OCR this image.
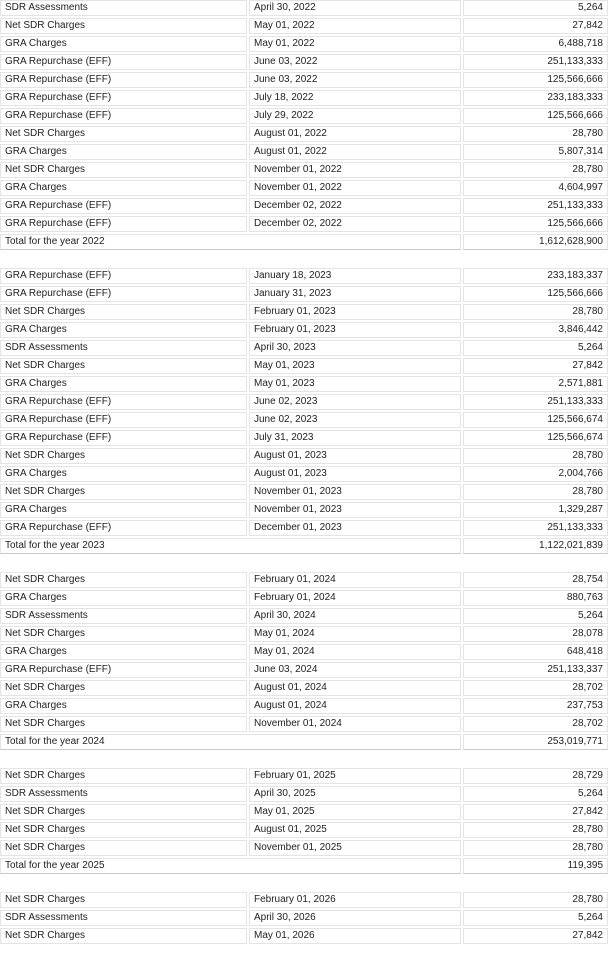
SDR Assessments	April 30, 2022	5,264
Net SDR Charges	May 01, 2022	27,842
GRA Charges	May 01, 2022	6,488,718
GRA Repurchase (EFF)	June 03, 2022	251,133,333
GRA Repurchase (EFF)	June 03, 2022	125,566,666
GRA Repurchase (EFF)	July 18, 2022	233,183,333
GRA Repurchase (EFF)	July 29, 2022	125,566,666
Net SDR Charges	August 01, 2022	28,780
GRA Charges	August 01, 2022	5,807,314
Net SDR Charges	November 01, 2022	28,780
GRA Charges	November 01, 2022	4,604,997
GRA Repurchase (EFF)	December 02, 2022	251,133,333
GRA Repurchase (EFF)	December 02, 2022	125,566,666
Total for the year 2022		1,612,628,900

GRA Repurchase (EFF)	January 18, 2023	233,183,337
GRA Repurchase (EFF)	January 31, 2023	125,566,666
Net SDR Charges	February 01, 2023	28,780
GRA Charges	February 01, 2023	3,846,442
SDR Assessments	April 30, 2023	5,264
Net SDR Charges	May 01, 2023	27,842
GRA Charges	May 01, 2023	2,571,881
GRA Repurchase (EFF)	June 02, 2023	251,133,333
GRA Repurchase (EFF)	June 02, 2023	125,566,674
GRA Repurchase (EFF)	July 31, 2023	125,566,674
Net SDR Charges	August 01, 2023	28,780
GRA Charges	August 01, 2023	2,004,766
Net SDR Charges	November 01, 2023	28,780
GRA Charges	November 01, 2023	1,329,287
GRA Repurchase (EFF)	December 01, 2023	251,133,333
Total for the year 2023		1,122,021,839

Net SDR Charges	February 01, 2024	28,754
GRA Charges	February 01, 2024	880,763
SDR Assessments	April 30, 2024	5,264
Net SDR Charges	May 01, 2024	28,078
GRA Charges	May 01, 2024	648,418
GRA Repurchase (EFF)	June 03, 2024	251,133,337
Net SDR Charges	August 01, 2024	28,702
GRA Charges	August 01, 2024	237,753
Net SDR Charges	November 01, 2024	28,702
Total for the year 2024		253,019,771

Net SDR Charges	February 01, 2025	28,729
SDR Assessments	April 30, 2025	5,264
Net SDR Charges	May 01, 2025	27,842
Net SDR Charges	August 01, 2025	28,780
Net SDR Charges	November 01, 2025	28,780
Total for the year 2025		119,395

Net SDR Charges	February 01, 2026	28,780
SDR Assessments	April 30, 2026	5,264
Net SDR Charges	May 01, 2026	27,842
